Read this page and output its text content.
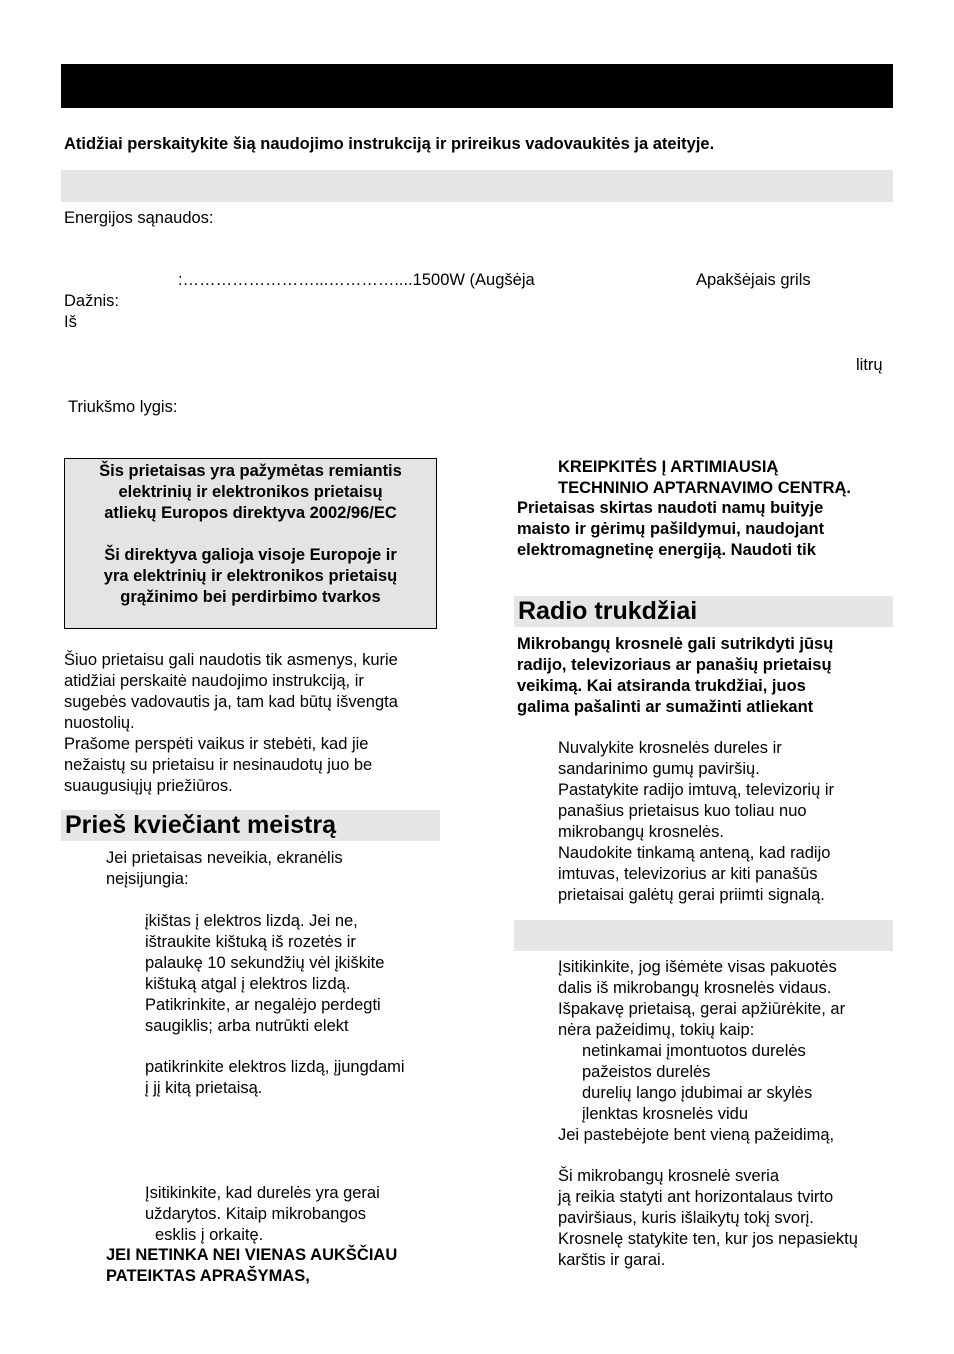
Atidžiai perskaitykite šią naudojimo instrukciją ir prireikus vadovaukitės ja ateityje.
Energijos sąnaudos:
:……………………...…………....1500W (Augšėja	Apakšėjais grils
Dažnis:
Iš
litrų
Triukšmo lygis:
Šis prietaisas yra pažymėtas remiantis
elektrinių ir elektronikos prietaisų
atliekų Europos direktyva 2002/96/EC
Ši direktyva galioja visoje Europoje ir
yra elektrinių ir elektronikos prietaisų
grąžinimo bei perdirbimo tvarkos
Šiuo prietaisu gali naudotis tik asmenys, kurie
atidžiai perskaitė naudojimo instrukciją, ir
sugebės vadovautis ja, tam kad būtų išvengta
nuostolių.
Prašome perspėti vaikus ir stebėti, kad jie
nežaistų su prietaisu ir nesinaudotų juo be
suaugusiųjų priežiūros.
Prieš kviečiant meistrą
Jei prietaisas neveikia, ekranėlis
neįsijungia:
įkištas į elektros lizdą. Jei ne,
ištraukite kištuką iš rozetės ir
palaukę 10 sekundžių vėl įkiškite
kištuką atgal į elektros lizdą.
Patikrinkite, ar negalėjo perdegti
saugiklis; arba nutrūkti elekt
patikrinkite elektros lizdą, įjungdami
į jį kitą prietaisą.
Įsitikinkite, kad durelės yra gerai
uždarytos. Kitaip mikrobangos
esklis į orkaitę.
JEI NETINKA NEI VIENAS AUKŠČIAU
PATEIKTAS APRAŠYMAS,
KREIPKITĖS Į ARTIMIAUSIĄ
TECHNINIO APTARNAVIMO CENTRĄ.
Prietaisas skirtas naudoti namų buityje
maisto ir gėrimų pašildymui, naudojant
elektromagnetinę energiją. Naudoti tik
Radio trukdžiai
Mikrobangų krosnelė gali sutrikdyti jūsų
radijo, televizoriaus ar panašių prietaisų
veikimą. Kai atsiranda trukdžiai, juos
galima pašalinti ar sumažinti atliekant
Nuvalykite krosnelės dureles ir
sandarinimo gumų paviršių.
Pastatykite radijo imtuvą, televizorių ir
panašius prietaisus kuo toliau nuo
mikrobangų krosnelės.
Naudokite tinkamą anteną, kad radijo
imtuvas, televizorius ar kiti panašūs
prietaisai galėtų gerai priimti signalą.
Įsitikinkite, jog išėmėte visas pakuotės
dalis iš mikrobangų krosnelės vidaus.
Išpakavę prietaisą, gerai apžiūrėkite, ar
nėra pažeidimų, tokių kaip:
netinkamai įmontuotos durelės
pažeistos durelės
durelių lango įdubimai ar skylės
įlenktas krosnelės vidu
Jei pastebėjote bent vieną pažeidimą,
Ši mikrobangų krosnelė sveria
ją reikia statyti ant horizontalaus tvirto
paviršiaus, kuris išlaikytų tokį svorį.
Krosnelę statykite ten, kur jos nepasiektų
karštis ir garai.
